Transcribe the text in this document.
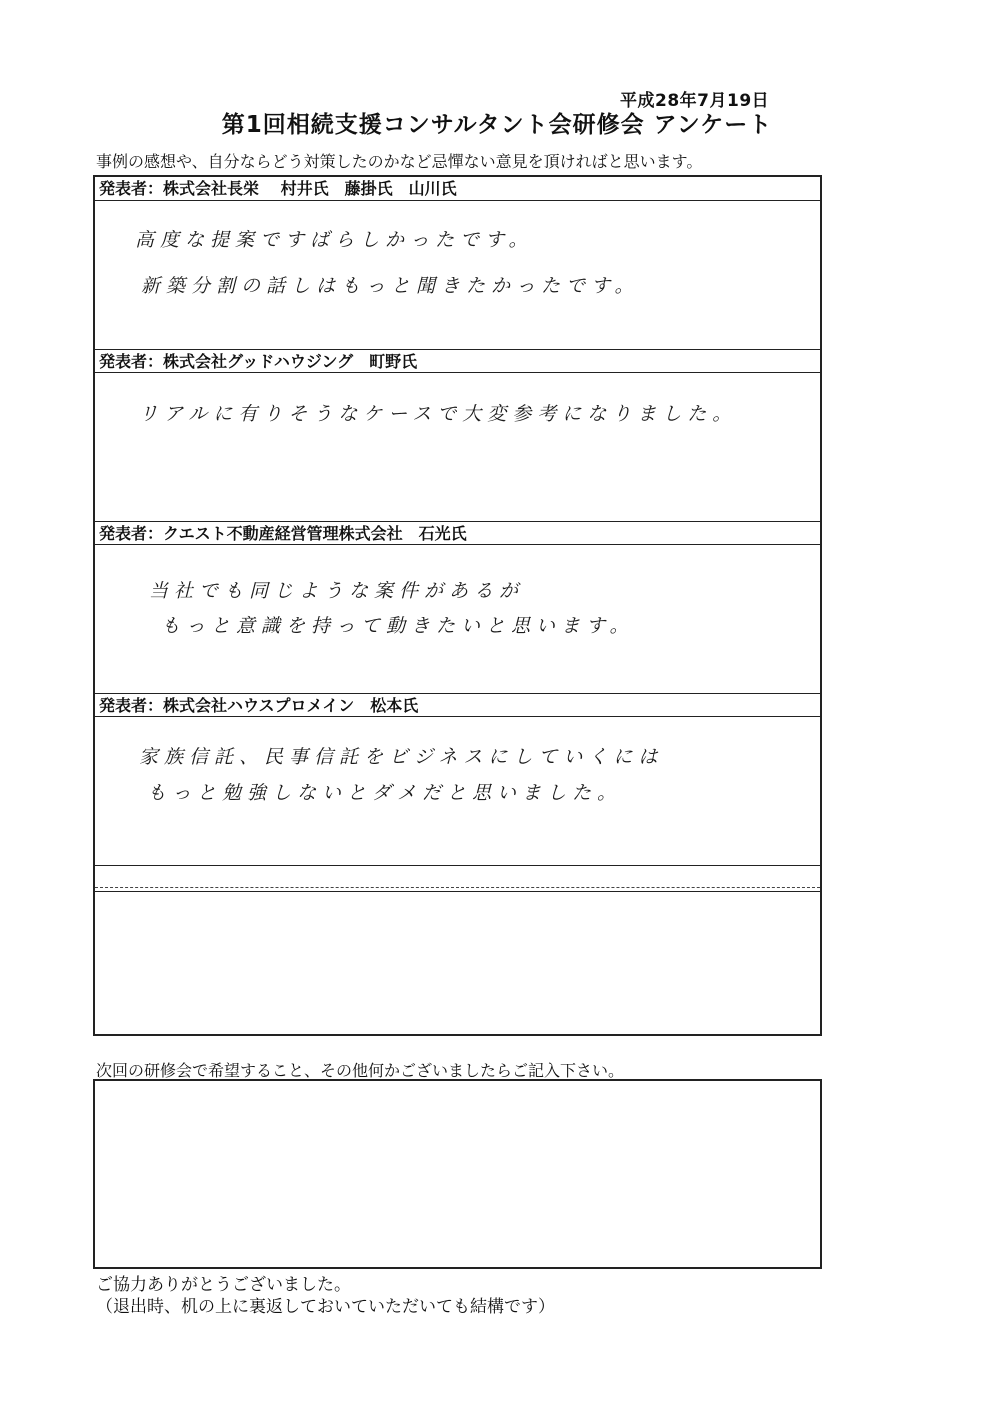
平成28年7月19日
第1回相続支援コンサルタント会研修会 アンケート
事例の感想や、自分ならどう対策したのかなど忌憚ない意見を頂ければと思います。
発表者：株式会社長栄　 村井氏　藤掛氏　山川氏
高度な提案ですばらしかったです。
新築分割の話しはもっと聞きたかったです。
発表者：株式会社グッドハウジング　町野氏
リアルに有りそうなケースで大変参考になりました。
発表者：クエスト不動産経営管理株式会社　石光氏
当社でも同じような案件があるが
もっと意識を持って動きたいと思います。
発表者：株式会社ハウスプロメイン　松本氏
家族信託、民事信託をビジネスにしていくには
もっと勉強しないとダメだと思いました。
次回の研修会で希望すること、その他何かございましたらご記入下さい。
ご協力ありがとうございました。
（退出時、机の上に裏返しておいていただいても結構です）
